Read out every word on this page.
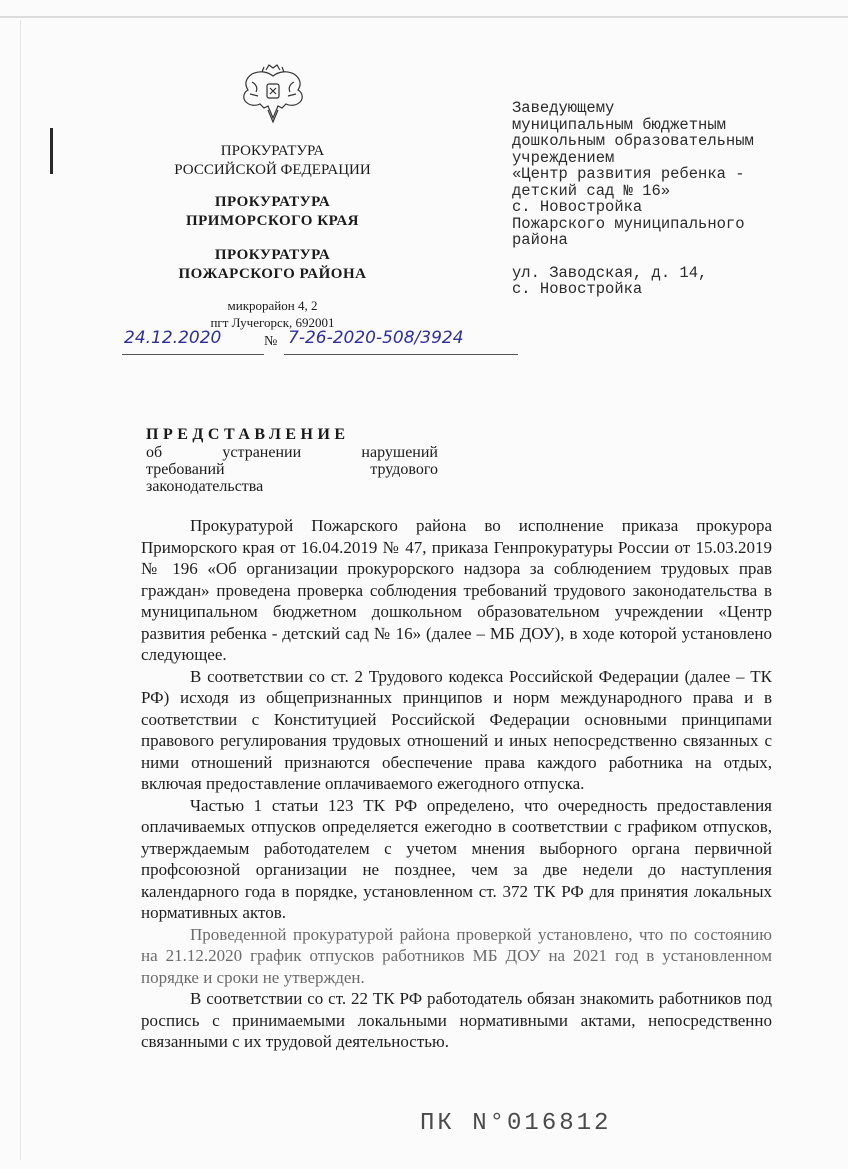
ПРОКУРАТУРА
РОССИЙСКОЙ ФЕДЕРАЦИИ
ПРОКУРАТУРА
ПРИМОРСКОГО КРАЯ
ПРОКУРАТУРА
ПОЖАРСКОГО РАЙОНА
микрорайон 4, 2
пгт Лучегорск, 692001
24.12.2020	№ 7-26-2020-508/3924
Заведующему
муниципальным бюджетным
дошкольным образовательным
учреждением
«Центр развития ребенка -
детский сад № 16»
с. Новостройка
Пожарского муниципального
района
ул. Заводская, д. 14,
с. Новостройка
ПРЕДСТАВЛЕНИЕ
об устранении нарушений
требований трудового
законодательства

Прокуратурой Пожарского района во исполнение приказа прокурора Приморского края от 16.04.2019 № 47, приказа Генпрокуратуры России от 15.03.2019 № 196 «Об организации прокурорского надзора за соблюдением трудовых прав граждан» проведена проверка соблюдения требований трудового законодательства в муниципальном бюджетном дошкольном образовательном учреждении «Центр развития ребенка - детский сад № 16» (далее – МБ ДОУ), в ходе которой установлено следующее.

В соответствии со ст. 2 Трудового кодекса Российской Федерации (далее – ТК РФ) исходя из общепризнанных принципов и норм международного права и в соответствии с Конституцией Российской Федерации основными принципами правового регулирования трудовых отношений и иных непосредственно связанных с ними отношений признаются обеспечение права каждого работника на отдых, включая предоставление оплачиваемого ежегодного отпуска.

Частью 1 статьи 123 ТК РФ определено, что очередность предоставления оплачиваемых отпусков определяется ежегодно в соответствии с графиком отпусков, утверждаемым работодателем с учетом мнения выборного органа первичной профсоюзной организации не позднее, чем за две недели до наступления календарного года в порядке, установленном ст. 372 ТК РФ для принятия локальных нормативных актов.

Проведенной прокуратурой района проверкой установлено, что по состоянию на 21.12.2020 график отпусков работников МБ ДОУ на 2021 год в установленном порядке и сроки не утвержден.

В соответствии со ст. 22 ТК РФ работодатель обязан знакомить работников под роспись с принимаемыми локальными нормативными актами, непосредственно связанными с их трудовой деятельностью.

ПК N°016812
